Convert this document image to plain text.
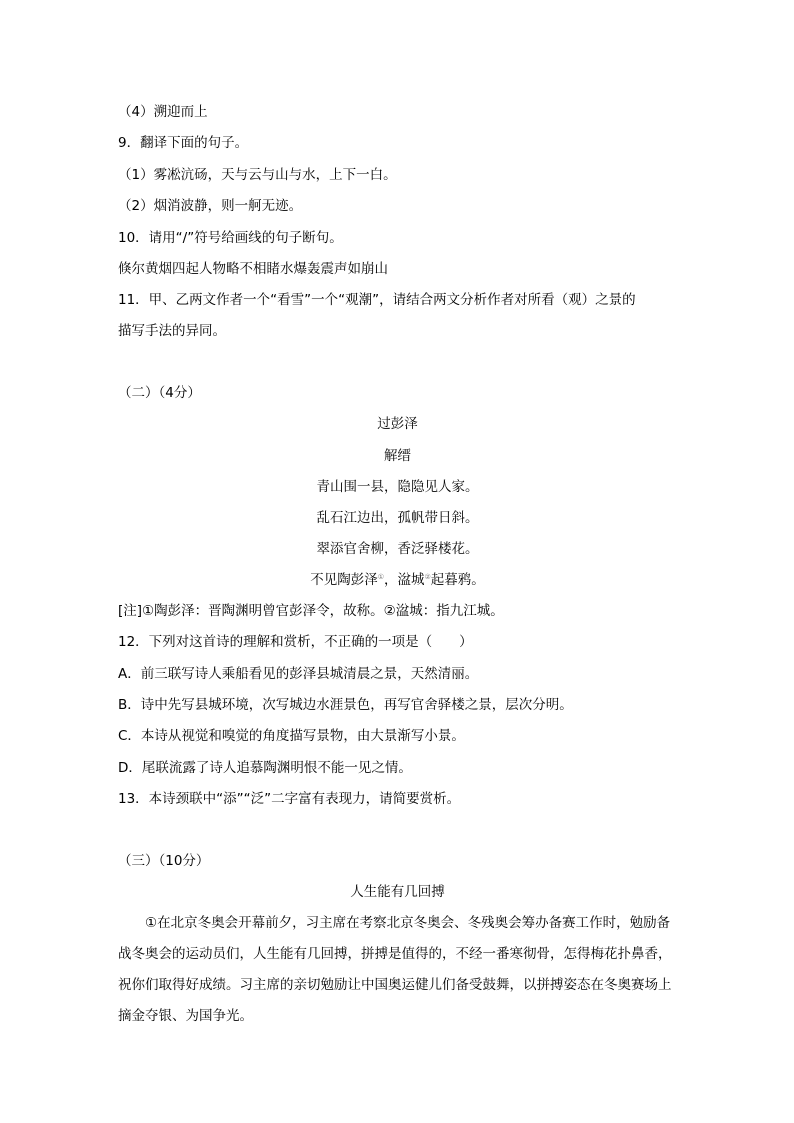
（4）溯迎而上
9．翻译下面的句子。
（1）雾凇沆砀，天与云与山与水，上下一白。
（2）烟消波静，则一舸无迹。
10．请用“/”符号给画线的句子断句。
倏尔黄烟四起人物略不相睹水爆轰震声如崩山
11．甲、乙两文作者一个“看雪”一个“观潮”，请结合两文分析作者对所看（观）之景的
描写手法的异同。
（二）（4分）
过彭泽
解缙
青山围一县，隐隐见人家。
乱石江边出，孤帆带日斜。
翠添官舍柳，香泛驿楼花。
不见陶彭泽①，湓城②起暮鸦。
[注]①陶彭泽：晋陶渊明曾官彭泽令，故称。②湓城：指九江城。
12．下列对这首诗的理解和赏析，不正确的一项是（　　）
A．前三联写诗人乘船看见的彭泽县城清晨之景，天然清丽。
B．诗中先写县城环境，次写城边水涯景色，再写官舍驿楼之景，层次分明。
C．本诗从视觉和嗅觉的角度描写景物，由大景渐写小景。
D．尾联流露了诗人追慕陶渊明恨不能一见之情。
13．本诗颈联中“添”“泛”二字富有表现力，请简要赏析。
（三）（10分）
人生能有几回搏
①在北京冬奥会开幕前夕，习主席在考察北京冬奥会、冬残奥会筹办备赛工作时，勉励备战冬奥会的运动员们，人生能有几回搏，拼搏是值得的，不经一番寒彻骨，怎得梅花扑鼻香，祝你们取得好成绩。习主席的亲切勉励让中国奥运健儿们备受鼓舞，以拼搏姿态在冬奥赛场上摘金夺银、为国争光。
